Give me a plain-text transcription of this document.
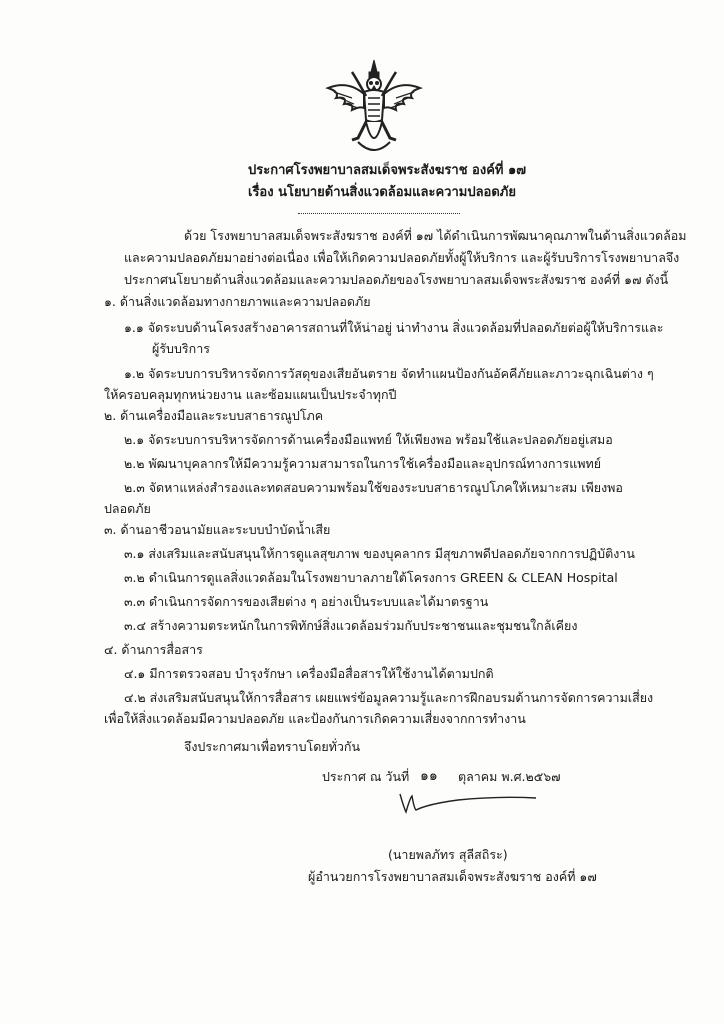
ประกาศโรงพยาบาลสมเด็จพระสังฆราช องค์ที่ ๑๗
เรื่อง นโยบายด้านสิ่งแวดล้อมและความปลอดภัย
ด้วย โรงพยาบาลสมเด็จพระสังฆราช องค์ที่ ๑๗ ได้ดำเนินการพัฒนาคุณภาพในด้านสิ่งแวดล้อม
และความปลอดภัยมาอย่างต่อเนื่อง เพื่อให้เกิดความปลอดภัยทั้งผู้ให้บริการ และผู้รับบริการโรงพยาบาลจึง
ประกาศนโยบายด้านสิ่งแวดล้อมและความปลอดภัยของโรงพยาบาลสมเด็จพระสังฆราช องค์ที่ ๑๗ ดังนี้
๑. ด้านสิ่งแวดล้อมทางกายภาพและความปลอดภัย
๑.๑ จัดระบบด้านโครงสร้างอาคารสถานที่ให้น่าอยู่ น่าทำงาน สิ่งแวดล้อมที่ปลอดภัยต่อผู้ให้บริการและ
ผู้รับบริการ
๑.๒ จัดระบบการบริหารจัดการวัสดุของเสียอันตราย จัดทำแผนป้องกันอัคคีภัยและภาวะฉุกเฉินต่าง ๆ
ให้ครอบคลุมทุกหน่วยงาน และซ้อมแผนเป็นประจำทุกปี
๒. ด้านเครื่องมือและระบบสาธารณูปโภค
๒.๑ จัดระบบการบริหารจัดการด้านเครื่องมือแพทย์ ให้เพียงพอ พร้อมใช้และปลอดภัยอยู่เสมอ
๒.๒ พัฒนาบุคลากรให้มีความรู้ความสามารถในการใช้เครื่องมือและอุปกรณ์ทางการแพทย์
๒.๓ จัดหาแหล่งสำรองและทดสอบความพร้อมใช้ของระบบสาธารณูปโภคให้เหมาะสม เพียงพอ
ปลอดภัย
๓. ด้านอาชีวอนามัยและระบบบำบัดน้ำเสีย
๓.๑ ส่งเสริมและสนับสนุนให้การดูแลสุขภาพ ของบุคลากร มีสุขภาพดีปลอดภัยจากการปฏิบัติงาน
๓.๒ ดำเนินการดูแลสิ่งแวดล้อมในโรงพยาบาลภายใต้โครงการ GREEN & CLEAN Hospital
๓.๓ ดำเนินการจัดการของเสียต่าง ๆ อย่างเป็นระบบและได้มาตรฐาน
๓.๔ สร้างความตระหนักในการพิทักษ์สิ่งแวดล้อมร่วมกับประชาชนและชุมชนใกล้เคียง
๔. ด้านการสื่อสาร
๔.๑ มีการตรวจสอบ บำรุงรักษา เครื่องมือสื่อสารให้ใช้งานได้ตามปกติ
๔.๒ ส่งเสริมสนับสนุนให้การสื่อสาร เผยแพร่ข้อมูลความรู้และการฝึกอบรมด้านการจัดการความเสี่ยง
เพื่อให้สิ่งแวดล้อมมีความปลอดภัย และป้องกันการเกิดความเสี่ยงจากการทำงาน
จึงประกาศมาเพื่อทราบโดยทั่วกัน
ประกาศ ณ วันที่ ๑๑ ตุลาคม พ.ศ.๒๕๖๗
(นายพลภัทร สุลีสถิระ)
ผู้อำนวยการโรงพยาบาลสมเด็จพระสังฆราช องค์ที่ ๑๗
